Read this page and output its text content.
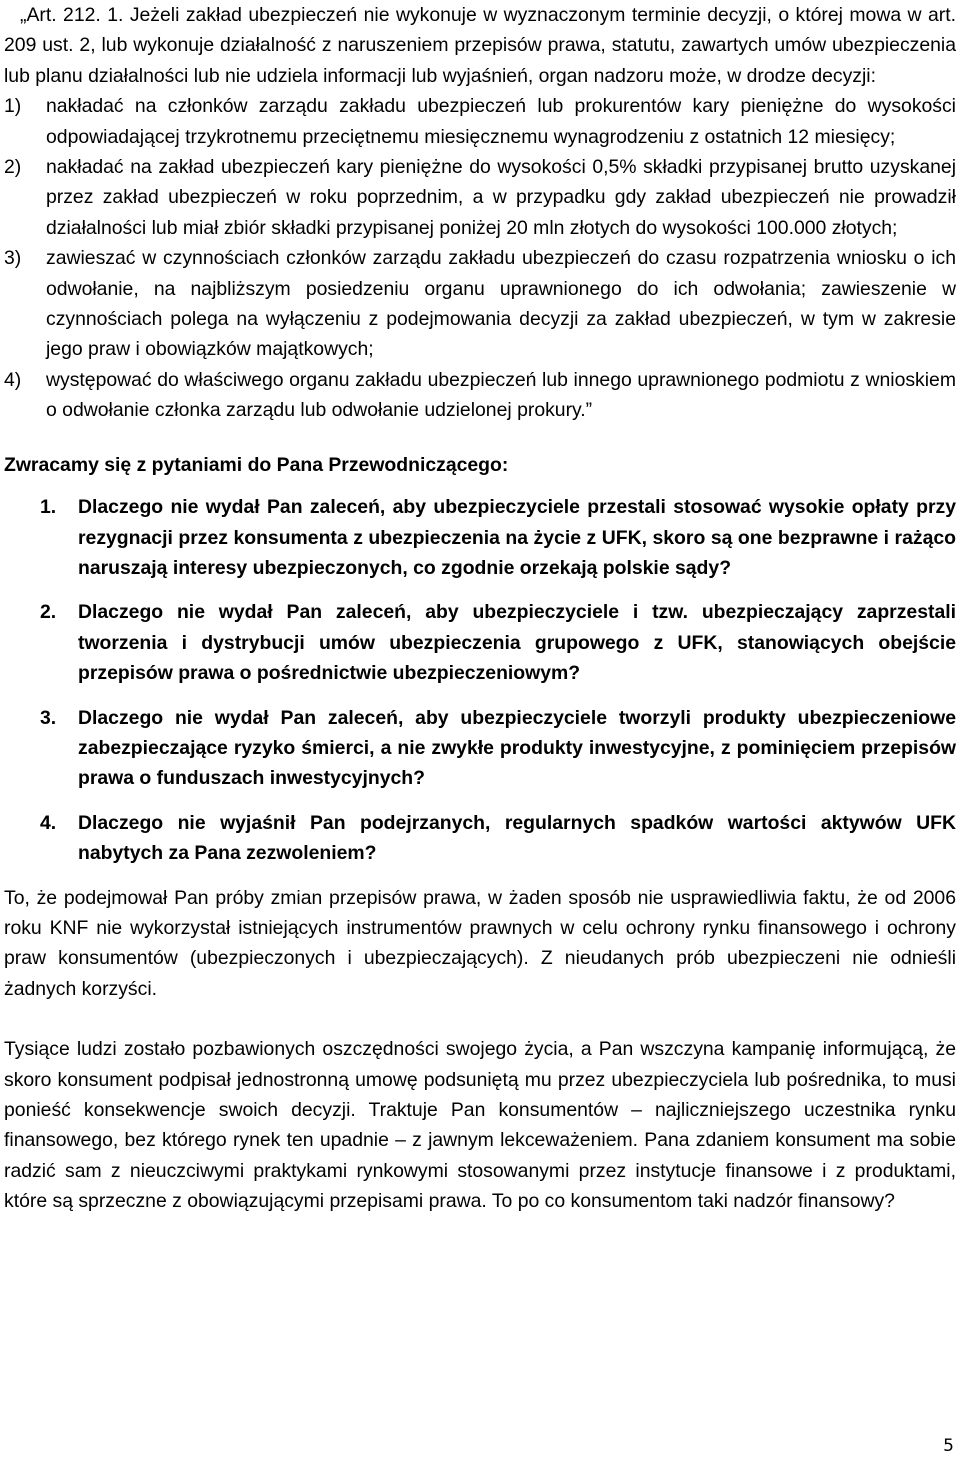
„Art. 212. 1. Jeżeli zakład ubezpieczeń nie wykonuje w wyznaczonym terminie decyzji, o której mowa w art. 209 ust. 2, lub wykonuje działalność z naruszeniem przepisów prawa, statutu, zawartych umów ubezpieczenia lub planu działalności lub nie udziela informacji lub wyjaśnień, organ nadzoru może, w drodze decyzji:

1)	nakładać na członków zarządu zakładu ubezpieczeń lub prokurentów kary pieniężne do wysokości odpowiadającej trzykrotnemu przeciętnemu miesięcznemu wynagrodzeniu z ostatnich 12 miesięcy;
2)	nakładać na zakład ubezpieczeń kary pieniężne do wysokości 0,5% składki przypisanej brutto uzyskanej przez zakład ubezpieczeń w roku poprzednim, a w przypadku gdy zakład ubezpieczeń nie prowadził działalności lub miał zbiór składki przypisanej poniżej 20 mln złotych do wysokości 100.000 złotych;
3)	zawieszać w czynnościach członków zarządu zakładu ubezpieczeń do czasu rozpatrzenia wniosku o ich odwołanie, na najbliższym posiedzeniu organu uprawnionego do ich odwołania; zawieszenie w czynnościach polega na wyłączeniu z podejmowania decyzji za zakład ubezpieczeń, w tym w zakresie jego praw i obowiązków majątkowych;
4)	występować do właściwego organu zakładu ubezpieczeń lub innego uprawnionego podmiotu z wnioskiem o odwołanie członka zarządu lub odwołanie udzielonej prokury.”

Zwracamy się z pytaniami do Pana Przewodniczącego:

1.	Dlaczego nie wydał Pan zaleceń, aby ubezpieczyciele przestali stosować wysokie opłaty przy rezygnacji przez konsumenta z ubezpieczenia na życie z UFK, skoro są one bezprawne i rażąco naruszają interesy ubezpieczonych, co zgodnie orzekają polskie sądy?
2.	Dlaczego nie wydał Pan zaleceń, aby ubezpieczyciele i tzw. ubezpieczający zaprzestali tworzenia i dystrybucji umów ubezpieczenia grupowego z UFK, stanowiących obejście przepisów prawa o pośrednictwie ubezpieczeniowym?
3.	Dlaczego nie wydał Pan zaleceń, aby ubezpieczyciele tworzyli produkty ubezpieczeniowe zabezpieczające ryzyko śmierci, a nie zwykłe produkty inwestycyjne, z pominięciem przepisów prawa o funduszach inwestycyjnych?
4.	Dlaczego nie wyjaśnił Pan podejrzanych, regularnych spadków wartości aktywów UFK nabytych za Pana zezwoleniem?

To, że podejmował Pan próby zmian przepisów prawa, w żaden sposób nie usprawiedliwia faktu, że od 2006 roku KNF nie wykorzystał istniejących instrumentów prawnych w celu ochrony rynku finansowego i ochrony praw konsumentów (ubezpieczonych i ubezpieczających). Z nieudanych prób ubezpieczeni nie odnieśli żadnych korzyści.

Tysiące ludzi zostało pozbawionych oszczędności swojego życia, a Pan wszczyna kampanię informującą, że skoro konsument podpisał jednostronną umowę podsuniętą mu przez ubezpieczyciela lub pośrednika, to musi ponieść konsekwencje swoich decyzji. Traktuje Pan konsumentów – najliczniejszego uczestnika rynku finansowego, bez którego rynek ten upadnie – z jawnym lekceważeniem. Pana zdaniem konsument ma sobie radzić sam z nieuczciwymi praktykami rynkowymi stosowanymi przez instytucje finansowe i z produktami, które są sprzeczne z obowiązującymi przepisami prawa. To po co konsumentom taki nadzór finansowy?

5
